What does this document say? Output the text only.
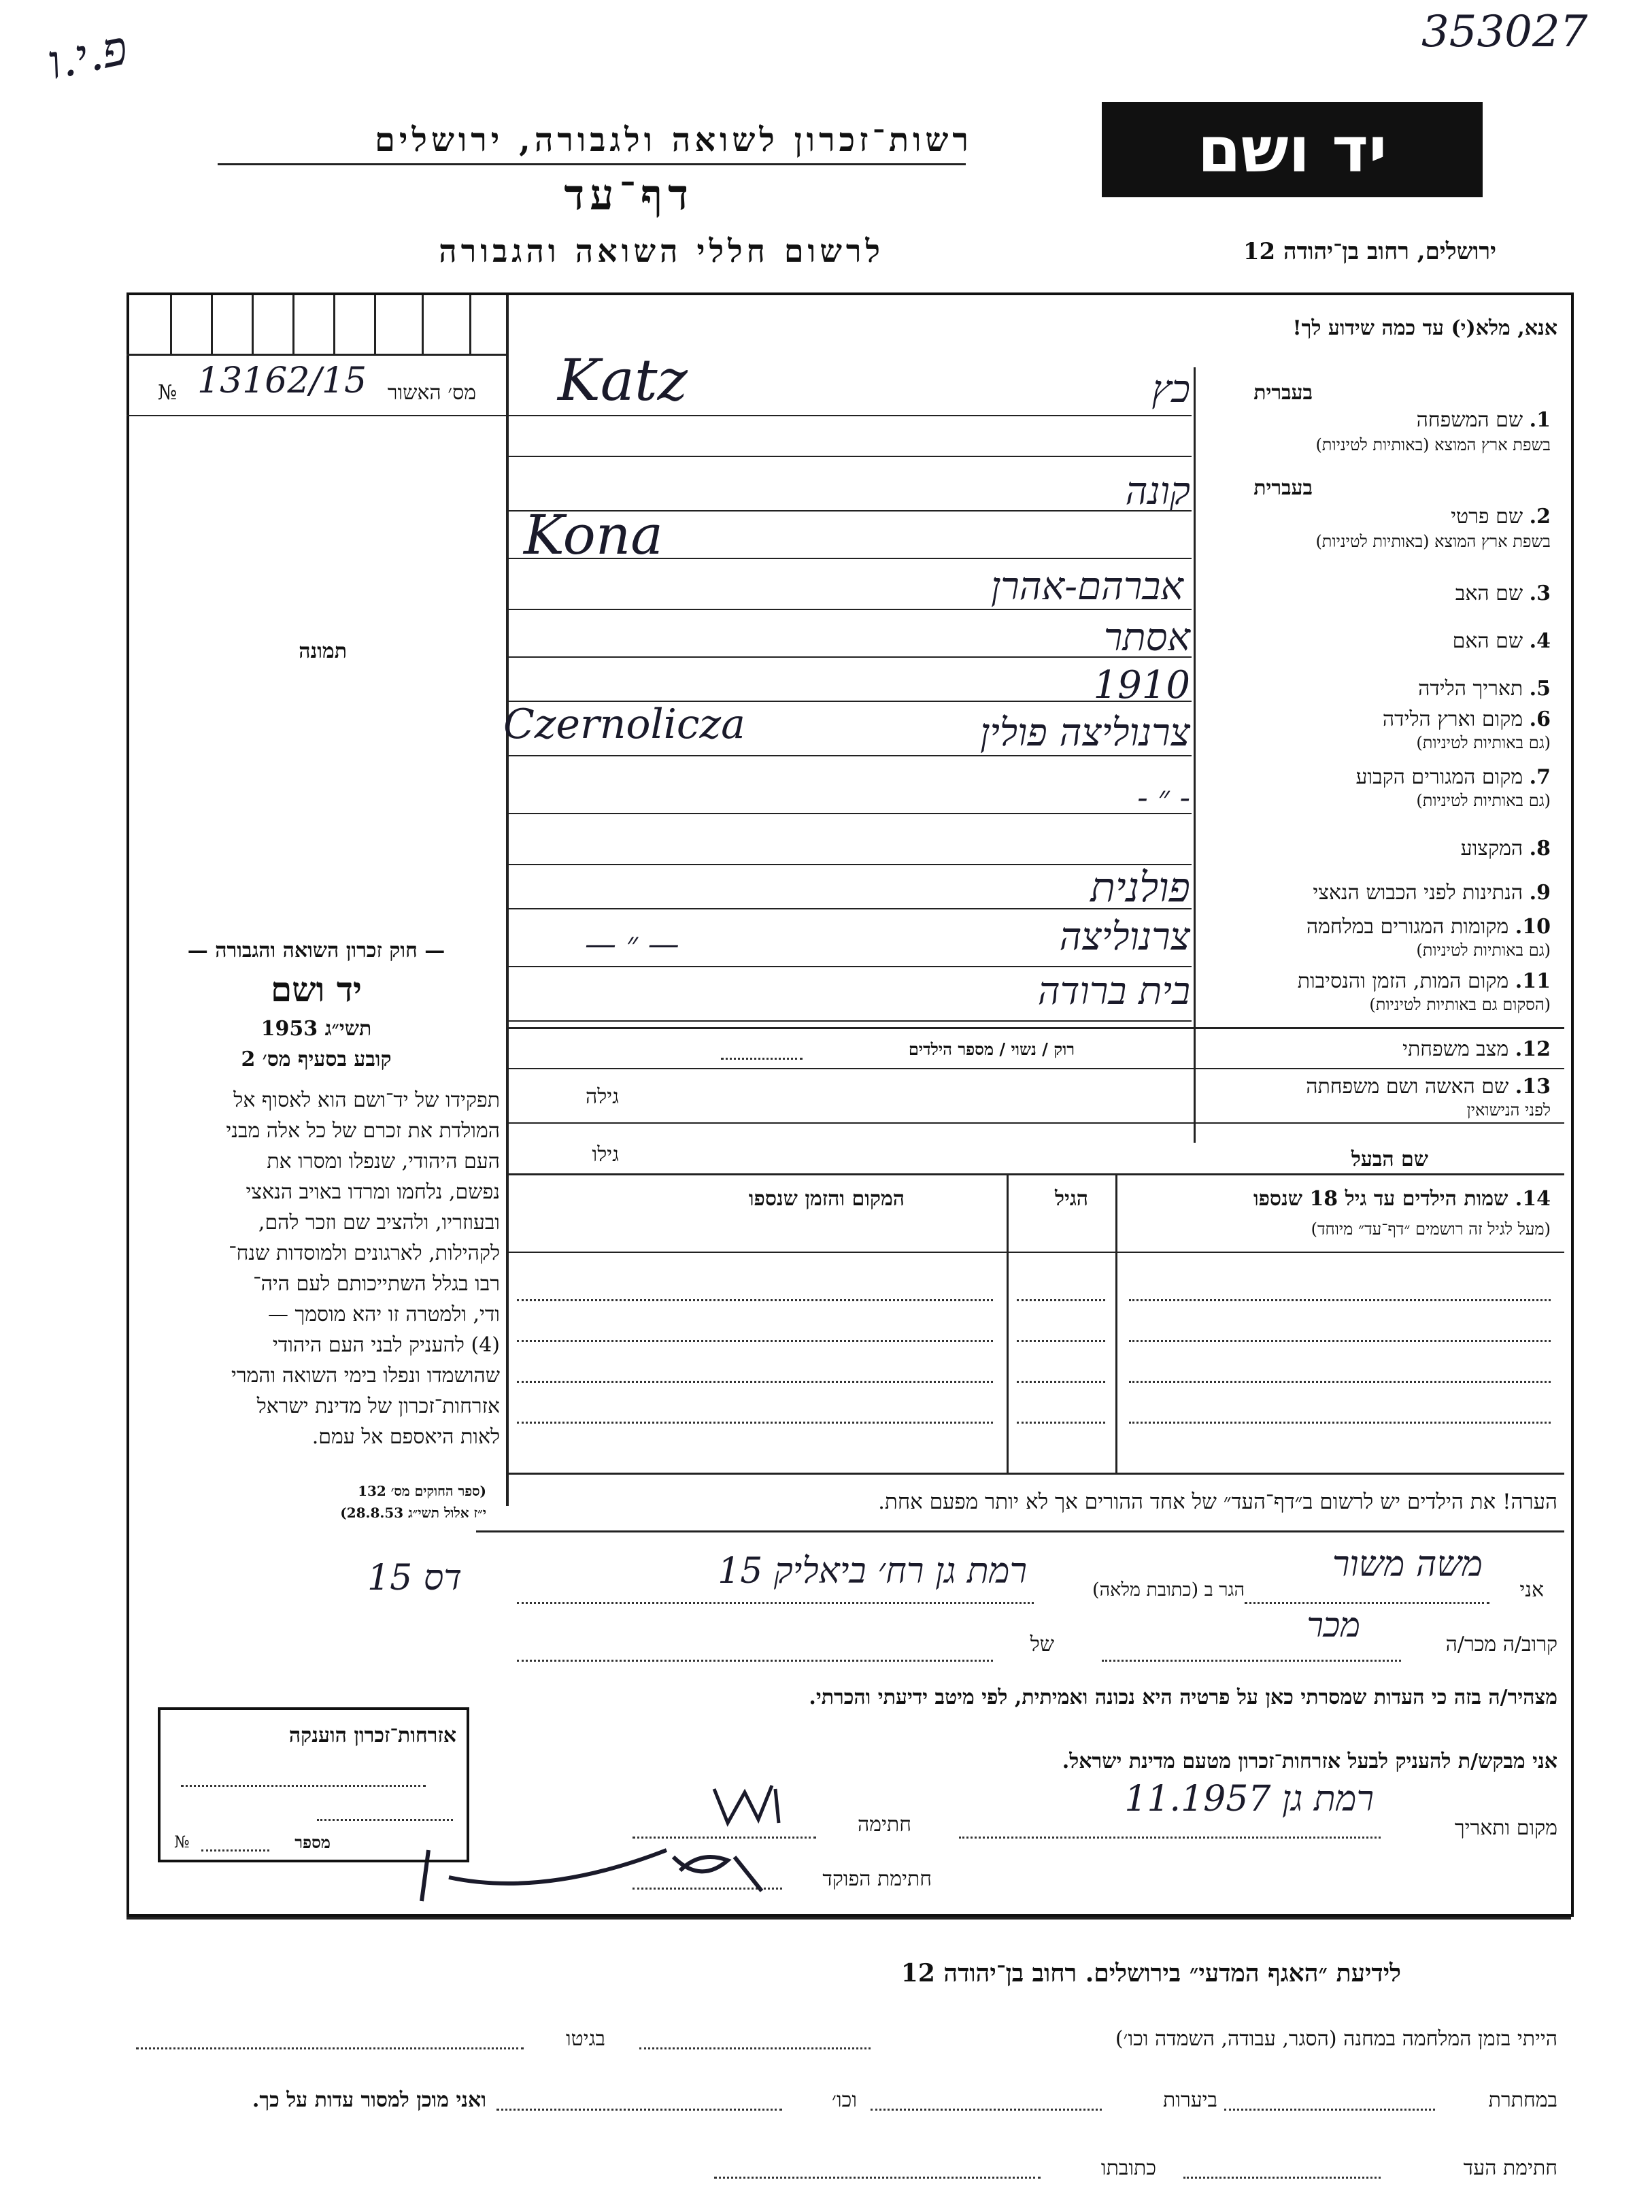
פ.י.ו	353027
רשות־זכרון לשואה ולגבורה, ירושלים
דף־עד
לרשום חללי השואה והגבורה
יד ושם
ירושלים, רחוב בן־יהודה 12
אנא, מלא(י) עד כמה שידוע לך!
№ 13162/15	מס׳ האשור
תמונה
בעברית
1. שם המשפחה
בשפת ארץ המוצא (באותיות לטיניות)
כץ
Katz
בעברית
2. שם פרטי
בשפת ארץ המוצא (באותיות לטיניות)
קונה
Kona
3. שם האב
אברהם-אהרן
4. שם האם
אסתר
5. תאריך הלידה
1910
6. מקום וארץ הלידה
(גם באותיות לטיניות)
צרנוליצה פולין
Czernolicza
7. מקום המגורים הקבוע
(גם באותיות לטיניות)
- ״ -
8. המקצוע
9. הנתינות לפני הכבוש הנאצי
פולנית
10. מקומות המגורים במלחמה
(גם באותיות לטיניות)
צרנוליצה
— ״ —
11. מקום המות, הזמן והנסיבות
(הסקום גם באותיות לטיניות)
בית ברודה
12. מצב משפחתי
רוק / נשוי / מספר הילדים
13. שם האשה ושם משפחתה
לפני הנישואין
גילה
שם הבעל
גילו
14. שמות הילדים עד גיל 18 שנספו
(מעל לגיל זה רושמים ״דף־עד״ מיוחד)
הגיל
המקום והזמן שנספו
— חוק זכרון השואה והגבורה —
יד ושם
תשי״ג 1953
קובע בסעיף מס׳ 2
תפקידו של יד־ושם הוא לאסוף אל
המולדת את זכרם של כל אלה מבני
העם היהודי, שנפלו ומסרו את
נפשם, נלחמו ומרדו באויב הנאצי
ובעוזריו, ולהציב שם וזכר להם,
לקהילות, לארגונים ולמוסדות שנח־
רבו בגלל השתייכותם לעם היה־
ודי, ולמטרה זו יהא מוסמך —
(4) להעניק לבני העם היהודי
שהושמדו ונפלו בימי השואה והמרי
אזרחות־זכרון של מדינת ישראל
לאות היאספם אל עמם.
(ספר החוקים מס׳ 132
י״ז אלול תשי״ג 28.8.53)	הערה! את הילדים יש לרשום ב״דף־העד״ של אחד ההורים אך לא יותר מפעם אחת.
אני
משה משור
הגר ב (כתובת מלאה)
רמת גן רח׳ ביאליק 15
דס 15
קרוב/ה מכר/ה
מכר
של
מצהיר/ה בזה כי העדות שמסרתי כאן על פרטיה היא נכונה ואמיתית, לפי מיטב ידיעתי והכרתי.
אני מבקש/ת להעניק לבעל אזרחות־זכרון מטעם מדינת ישראל.
מקום ותאריך
רמת גן 11.1957
חתימה
חתימת הפוקד
אזרחות־זכרון הוענקה
מספר
№
לידיעת ״האגף המדעי״ בירושלים. רחוב בן־יהודה 12
הייתי בזמן המלחמה במחנה (הסגר, עבודה, השמדה וכו׳)
בגיטו
במחתרת
ביערות
וכו׳
ואני מוכן למסור עדות על כך.
חתימת העד
כתובתו
